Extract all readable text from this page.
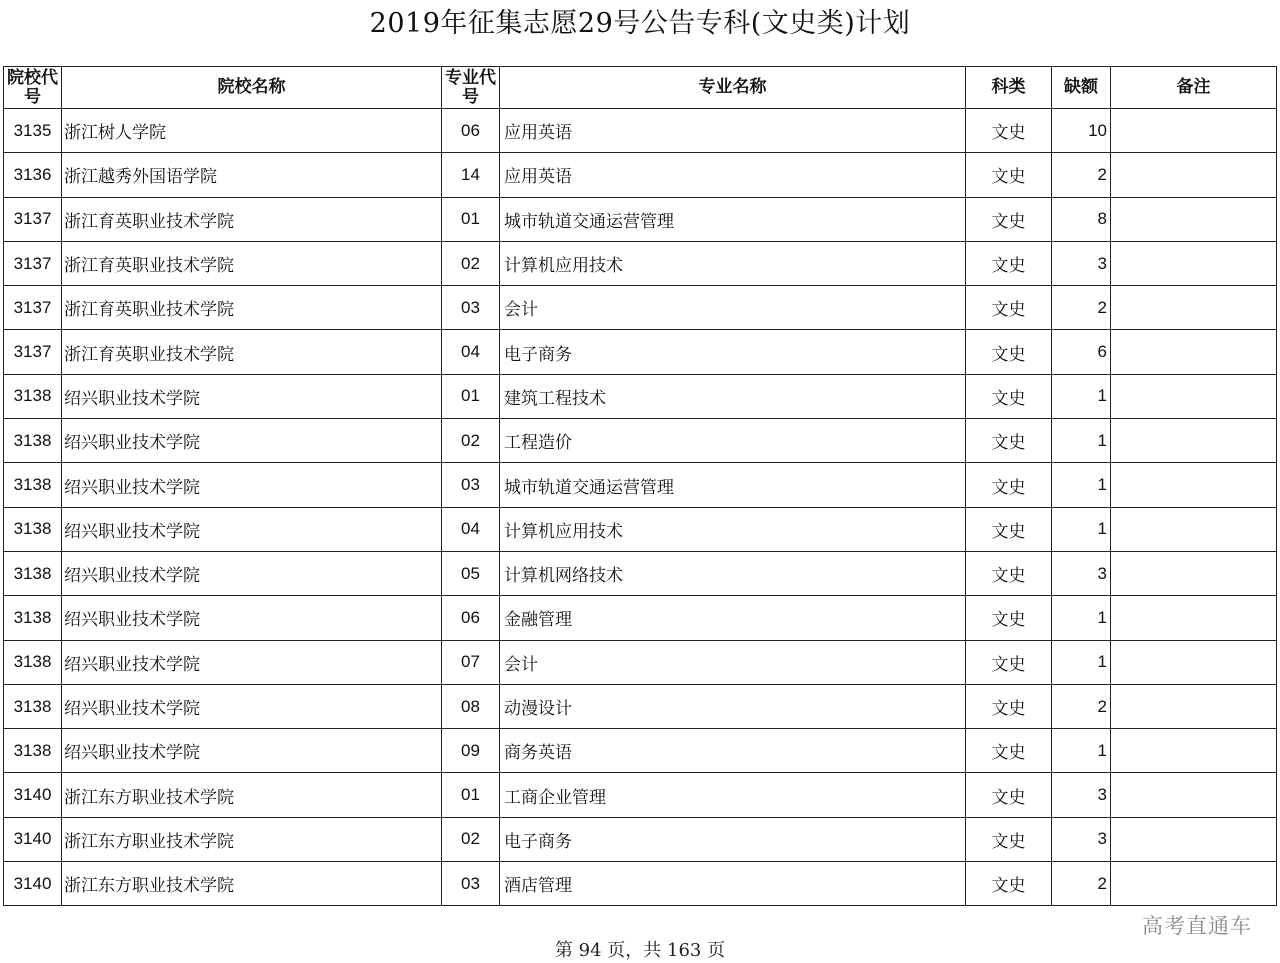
2019年征集志愿29号公告专科(文史类)计划
院校代号	院校名称	专业代号	专业名称	科类	缺额	备注
3135	浙江树人学院	06	应用英语	文史	10	
3136	浙江越秀外国语学院	14	应用英语	文史	2	
3137	浙江育英职业技术学院	01	城市轨道交通运营管理	文史	8	
3137	浙江育英职业技术学院	02	计算机应用技术	文史	3	
3137	浙江育英职业技术学院	03	会计	文史	2	
3137	浙江育英职业技术学院	04	电子商务	文史	6	
3138	绍兴职业技术学院	01	建筑工程技术	文史	1	
3138	绍兴职业技术学院	02	工程造价	文史	1	
3138	绍兴职业技术学院	03	城市轨道交通运营管理	文史	1	
3138	绍兴职业技术学院	04	计算机应用技术	文史	1	
3138	绍兴职业技术学院	05	计算机网络技术	文史	3	
3138	绍兴职业技术学院	06	金融管理	文史	1	
3138	绍兴职业技术学院	07	会计	文史	1	
3138	绍兴职业技术学院	08	动漫设计	文史	2	
3138	绍兴职业技术学院	09	商务英语	文史	1	
3140	浙江东方职业技术学院	01	工商企业管理	文史	3	
3140	浙江东方职业技术学院	02	电子商务	文史	3	
3140	浙江东方职业技术学院	03	酒店管理	文史	2	
高考直通车
第 94 页，共 163 页
